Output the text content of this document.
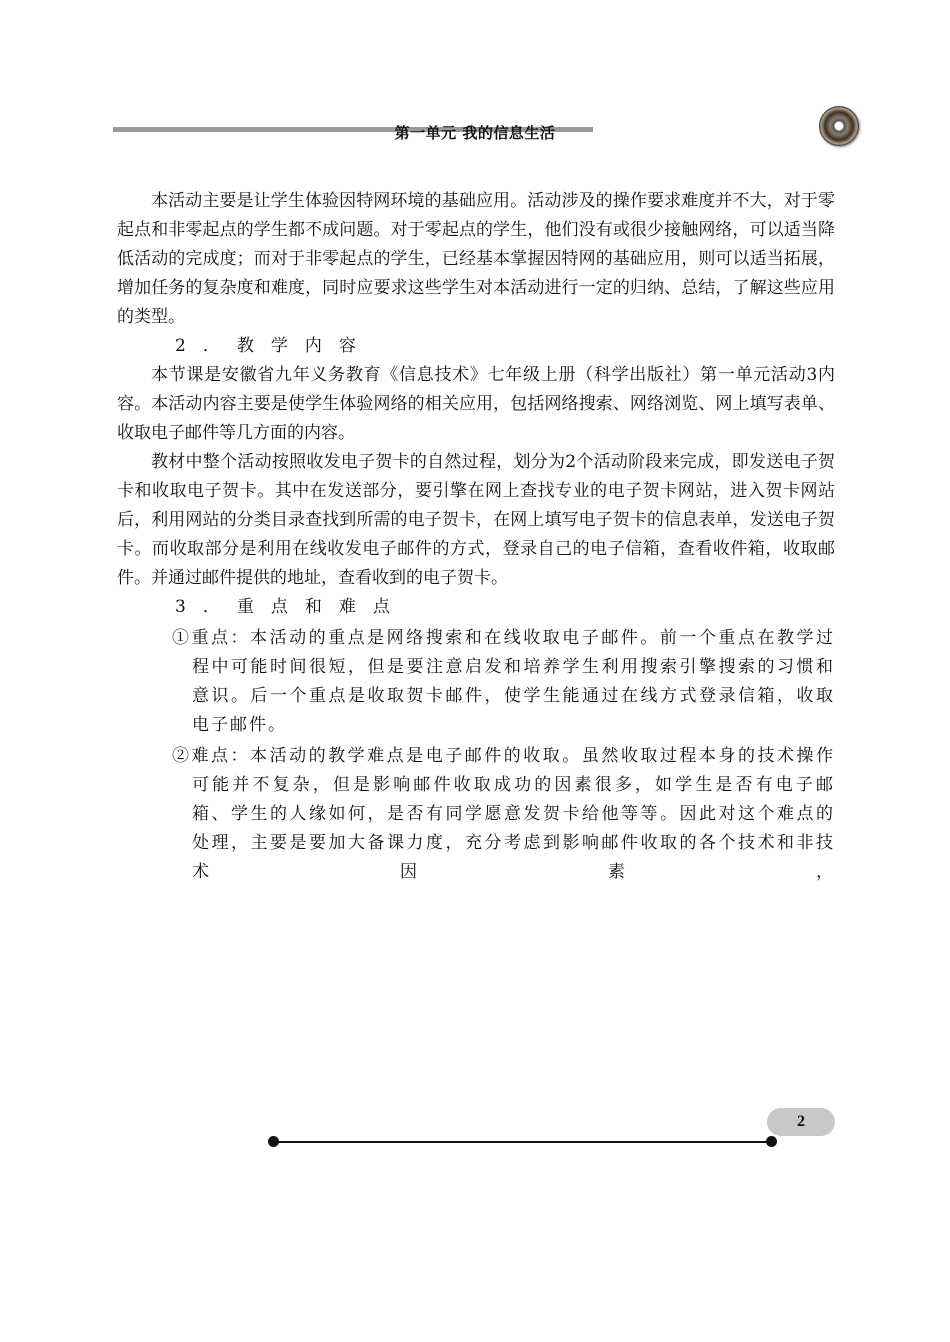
第一单元 我的信息生活

本活动主要是让学生体验因特网环境的基础应用。活动涉及的操作要求难度并不大，对于零起点和非零起点的学生都不成问题。对于零起点的学生，他们没有或很少接触网络，可以适当降低活动的完成度；而对于非零起点的学生，已经基本掌握因特网的基础应用，则可以适当拓展，增加任务的复杂度和难度，同时应要求这些学生对本活动进行一定的归纳、总结，了解这些应用的类型。

2．教学内容

本节课是安徽省九年义务教育《信息技术》七年级上册（科学出版社）第一单元活动3内容。本活动内容主要是使学生体验网络的相关应用，包括网络搜索、网络浏览、网上填写表单、收取电子邮件等几方面的内容。

教材中整个活动按照收发电子贺卡的自然过程，划分为2个活动阶段来完成，即发送电子贺卡和收取电子贺卡。其中在发送部分，要引擎在网上查找专业的电子贺卡网站，进入贺卡网站后，利用网站的分类目录查找到所需的电子贺卡，在网上填写电子贺卡的信息表单，发送电子贺卡。而收取部分是利用在线收发电子邮件的方式，登录自己的电子信箱，查看收件箱，收取邮件。并通过邮件提供的地址，查看收到的电子贺卡。

3．重点和难点

①重点：本活动的重点是网络搜索和在线收取电子邮件。前一个重点在教学过程中可能时间很短，但是要注意启发和培养学生利用搜索引擎搜索的习惯和意识。后一个重点是收取贺卡邮件，使学生能通过在线方式登录信箱，收取电子邮件。

②难点：本活动的教学难点是电子邮件的收取。虽然收取过程本身的技术操作可能并不复杂，但是影响邮件收取成功的因素很多，如学生是否有电子邮箱、学生的人缘如何，是否有同学愿意发贺卡给他等等。因此对这个难点的处理，主要是要加大备课力度，充分考虑到影响邮件收取的各个技术和非技术因素，

2
